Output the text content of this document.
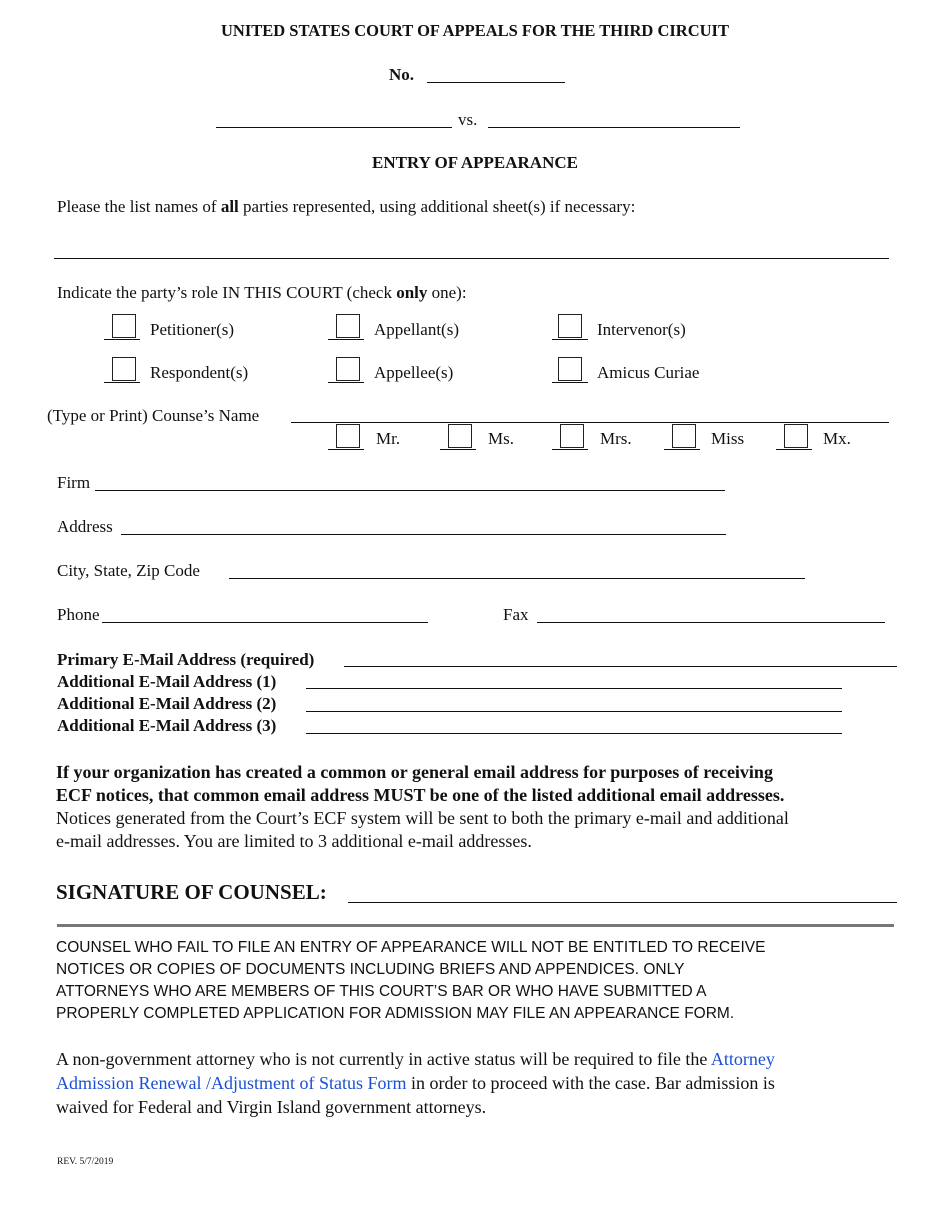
UNITED STATES COURT OF APPEALS FOR THE THIRD CIRCUIT
No.
vs.
ENTRY OF APPEARANCE
Please the list names of all parties represented, using additional sheet(s) if necessary:
Indicate the party’s role IN THIS COURT (check only one):
Petitioner(s)	Appellant(s)	Intervenor(s)
Respondent(s)	Appellee(s)	Amicus Curiae
(Type or Print) Counse’s Name
Mr.	Ms.	Mrs.	Miss	Mx.
Firm
Address
City, State, Zip Code
Phone	Fax
Primary E-Mail Address (required)
Additional E-Mail Address (1)
Additional E-Mail Address (2)
Additional E-Mail Address (3)
If your organization has created a common or general email address for purposes of receiving
ECF notices, that common email address MUST be one of the listed additional email addresses.
Notices generated from the Court’s ECF system will be sent to both the primary e-mail and additional
e-mail addresses. You are limited to 3 additional e-mail addresses.
SIGNATURE OF COUNSEL:
COUNSEL WHO FAIL TO FILE AN ENTRY OF APPEARANCE WILL NOT BE ENTITLED TO RECEIVE
NOTICES OR COPIES OF DOCUMENTS INCLUDING BRIEFS AND APPENDICES. ONLY
ATTORNEYS WHO ARE MEMBERS OF THIS COURT’S BAR OR WHO HAVE SUBMITTED A
PROPERLY COMPLETED APPLICATION FOR ADMISSION MAY FILE AN APPEARANCE FORM.
A non-government attorney who is not currently in active status will be required to file the Attorney
Admission Renewal /Adjustment of Status Form in order to proceed with the case. Bar admission is
waived for Federal and Virgin Island government attorneys.
REV. 5/7/2019
